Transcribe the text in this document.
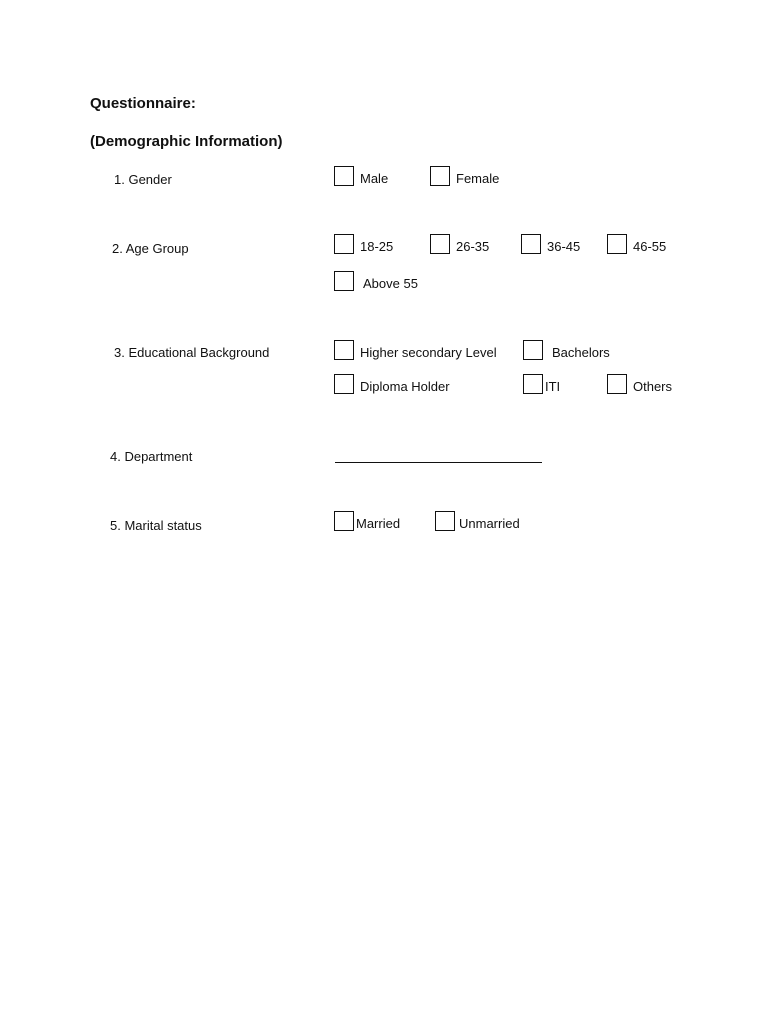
Questionnaire:
(Demographic Information)
1. Gender	Male	Female
2. Age Group	18-25	26-35	36-45	46-55
Above 55
3. Educational Background	Higher secondary Level	Bachelors
Diploma Holder	ITI	Others
4. Department
5. Marital status	Married	Unmarried
